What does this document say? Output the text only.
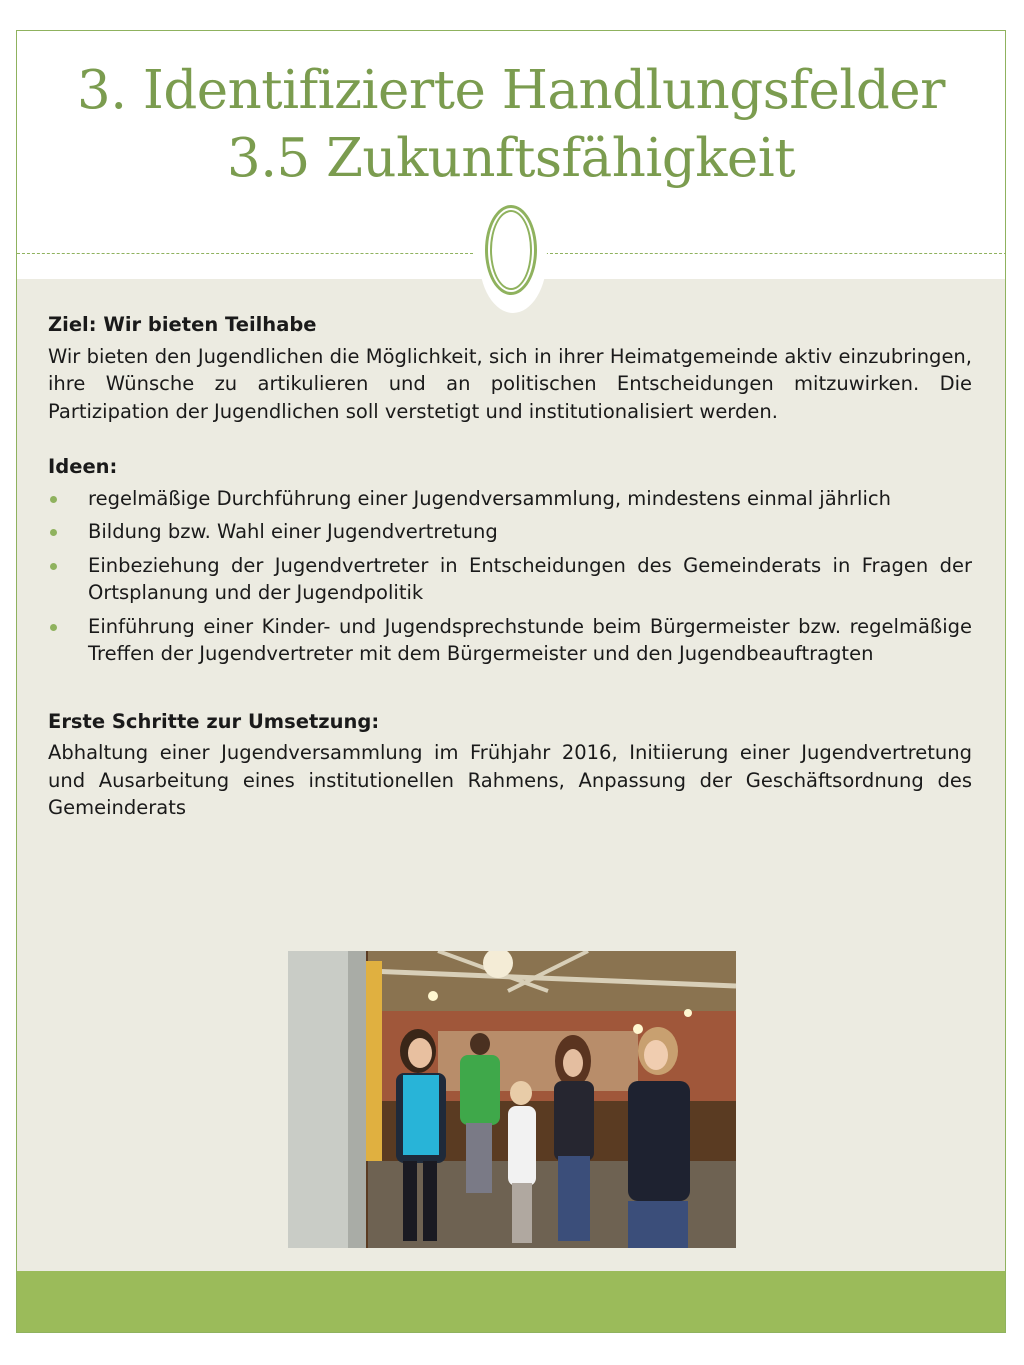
3. Identifizierte Handlungsfelder
3.5 Zukunftsfähigkeit

Ziel: Wir bieten Teilhabe

Wir bieten den Jugendlichen die Möglichkeit, sich in ihrer Heimatgemeinde aktiv einzubringen, ihre Wünsche zu artikulieren und an politischen Entscheidungen mitzuwirken. Die Partizipation der Jugendlichen soll verstetigt und institutionalisiert werden.

Ideen:

regelmäßige Durchführung einer Jugendversammlung, mindestens einmal jährlich
Bildung bzw. Wahl einer Jugendvertretung
Einbeziehung der Jugendvertreter in Entscheidungen des Gemeinderats in Fragen der Ortsplanung und der Jugendpolitik
Einführung einer Kinder- und Jugendsprechstunde beim Bürgermeister bzw. regelmäßige Treffen der Jugendvertreter mit dem Bürgermeister und den Jugendbeauftragten

Erste Schritte zur Umsetzung:

Abhaltung einer Jugendversammlung im Frühjahr 2016, Initiierung einer Jugendvertretung und Ausarbeitung eines institutionellen Rahmens, Anpassung der Geschäftsordnung des Gemeinderats
